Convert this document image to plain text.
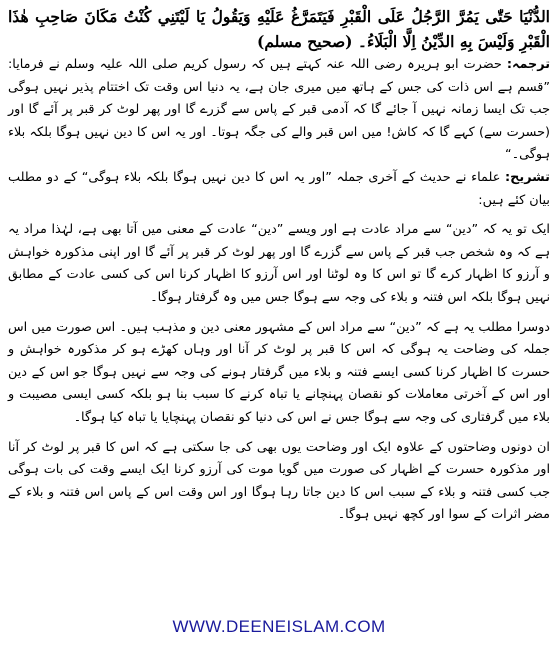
الدُّنْيَا حَتّٰى يَمُرَّ الرَّجُلُ عَلَى الْقَبْرِ فَيَتَمَرَّغُ عَلَيْهِ وَيَقُولُ يَا لَيْتَنِي كُنْتُ مَكَانَ صَاحِبِ هٰذَا الْقَبْرِ وَلَيْسَ بِهِ الدِّيْنُ اِلَّا الْبَلَاءُ۔ (صحیح مسلم)

ترجمہ: حضرت ابو ہریرہ رضی اللہ عنہ کہتے ہیں کہ رسول کریم صلی اللہ علیہ وسلم نے فرمایا: ”قسم ہے اس ذات کی جس کے ہاتھ میں میری جان ہے، یہ دنیا اس وقت تک اختتام پذیر نہیں ہوگی جب تک ایسا زمانہ نہیں آ جائے گا کہ آدمی قبر کے پاس سے گزرے گا اور پھر لوٹ کر قبر پر آئے گا اور (حسرت سے) کہے گا کہ کاش! میں اس قبر والے کی جگہ ہوتا۔ اور یہ اس کا دین نہیں ہوگا بلکہ بلاء ہوگی۔“

تشریح: علماء نے حدیث کے آخری جملہ ”اور یہ اس کا دین نہیں ہوگا بلکہ بلاء ہوگی“ کے دو مطلب بیان کئے ہیں:

ایک تو یہ کہ ”دین“ سے مراد عادت ہے اور ویسے ”دین“ عادت کے معنی میں آتا بھی ہے، لہٰذا مراد یہ ہے کہ وہ شخص جب قبر کے پاس سے گزرے گا اور پھر لوٹ کر قبر پر آئے گا اور اپنی مذکورہ خواہش و آرزو کا اظہار کرے گا تو اس کا وہ لوٹنا اور اس آرزو کا اظہار کرنا اس کی کسی عادت کے مطابق نہیں ہوگا بلکہ اس فتنہ و بلاء کی وجہ سے ہوگا جس میں وہ گرفتار ہوگا۔

دوسرا مطلب یہ ہے کہ ”دین“ سے مراد اس کے مشہور معنی دین و مذہب ہیں۔ اس صورت میں اس جملہ کی وضاحت یہ ہوگی کہ اس کا قبر پر لوٹ کر آنا اور وہاں کھڑے ہو کر مذکورہ خواہش و حسرت کا اظہار کرنا کسی ایسے فتنہ و بلاء میں گرفتار ہونے کی وجہ سے نہیں ہوگا جو اس کے دین اور اس کے آخرتی معاملات کو نقصان پہنچانے یا تباہ کرنے کا سبب بنا ہو بلکہ کسی ایسی مصیبت و بلاء میں گرفتاری کی وجہ سے ہوگا جس نے اس کی دنیا کو نقصان پہنچایا یا تباہ کیا ہوگا۔

ان دونوں وضاحتوں کے علاوہ ایک اور وضاحت یوں بھی کی جا سکتی ہے کہ اس کا قبر پر لوٹ کر آنا اور مذکورہ حسرت کے اظہار کی صورت میں گویا موت کی آرزو کرنا ایک ایسے وقت کی بات ہوگی جب کسی فتنہ و بلاء کے سبب اس کا دین جاتا رہا ہوگا اور اس وقت اس کے پاس اس فتنہ و بلاء کے مضر اثرات کے سوا اور کچھ نہیں ہوگا۔

WWW.DEENEISLAM.COM
